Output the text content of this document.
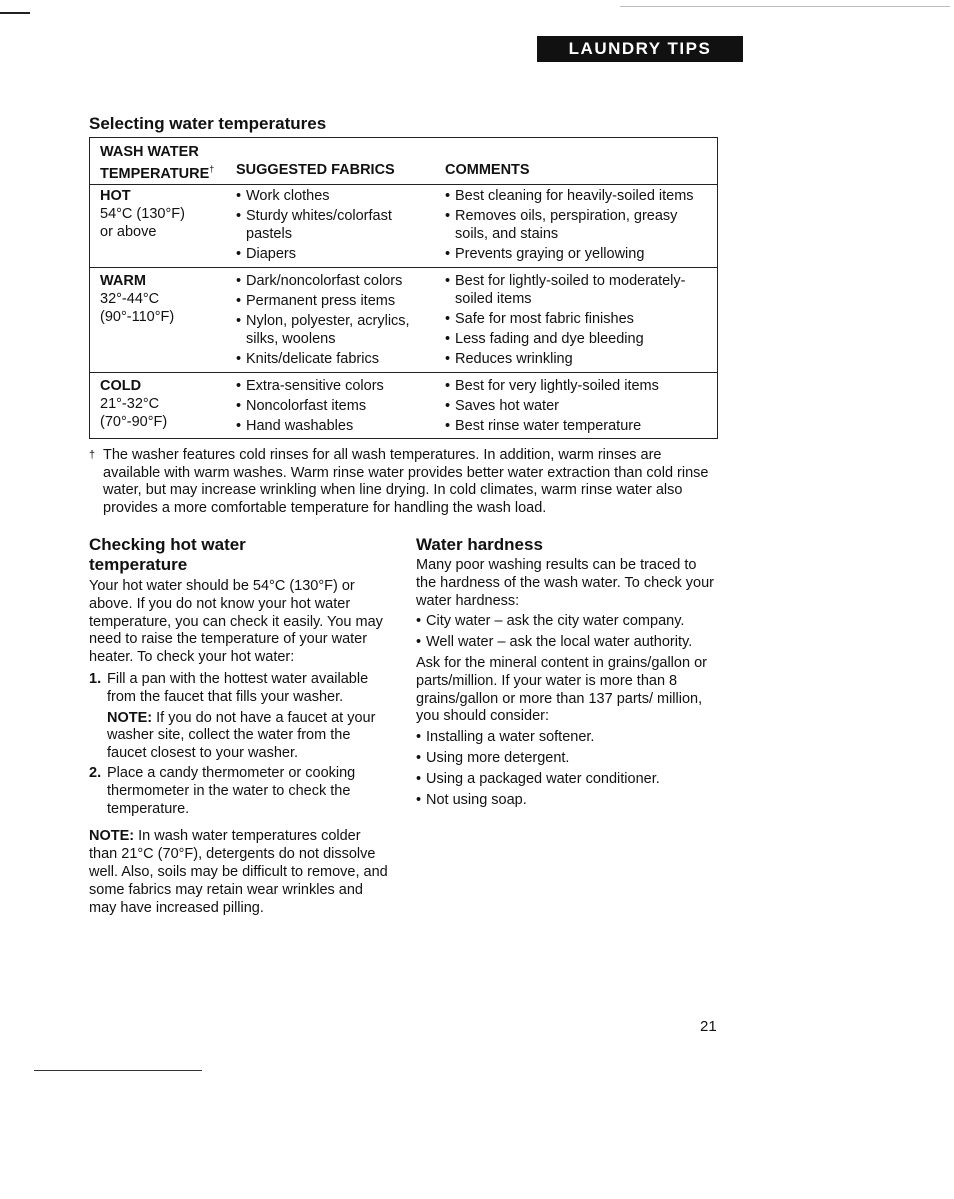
LAUNDRY TIPS
Selecting water temperatures
WASH WATER
TEMPERATURE† SUGGESTED FABRICS	COMMENTS
HOT
54°C (130°F)
or above
• Work clothes
• Sturdy whites/colorfast pastels
• Diapers
• Best cleaning for heavily-soiled items
• Removes oils, perspiration, greasy soils, and stains
• Prevents graying or yellowing
WARM
32°-44°C
(90°-110°F)
• Dark/noncolorfast colors
• Permanent press items
• Nylon, polyester, acrylics, silks, woolens
• Knits/delicate fabrics
• Best for lightly-soiled to moderately-soiled items
• Safe for most fabric finishes
• Less fading and dye bleeding
• Reduces wrinkling
COLD
21°-32°C
(70°-90°F)
• Extra-sensitive colors
• Noncolorfast items
• Hand washables
• Best for very lightly-soiled items
• Saves hot water
• Best rinse water temperature
† The washer features cold rinses for all wash temperatures. In addition, warm rinses are available with warm washes. Warm rinse water provides better water extraction than cold rinse water, but may increase wrinkling when line drying. In cold climates, warm rinse water also provides a more comfortable temperature for handling the wash load.
Checking hot water temperature
Your hot water should be 54°C (130°F) or above. If you do not know your hot water temperature, you can check it easily. You may need to raise the temperature of your water heater. To check your hot water:
1. Fill a pan with the hottest water available from the faucet that fills your washer.
NOTE: If you do not have a faucet at your washer site, collect the water from the faucet closest to your washer.
2. Place a candy thermometer or cooking thermometer in the water to check the temperature.
NOTE: In wash water temperatures colder than 21°C (70°F), detergents do not dissolve well. Also, soils may be difficult to remove, and some fabrics may retain wear wrinkles and may have increased pilling.
Water hardness
Many poor washing results can be traced to the hardness of the wash water. To check your water hardness:
• City water – ask the city water company.
• Well water – ask the local water authority.
Ask for the mineral content in grains/gallon or parts/million. If your water is more than 8 grains/gallon or more than 137 parts/ million, you should consider:
• Installing a water softener.
• Using more detergent.
• Using a packaged water conditioner.
• Not using soap.
21
